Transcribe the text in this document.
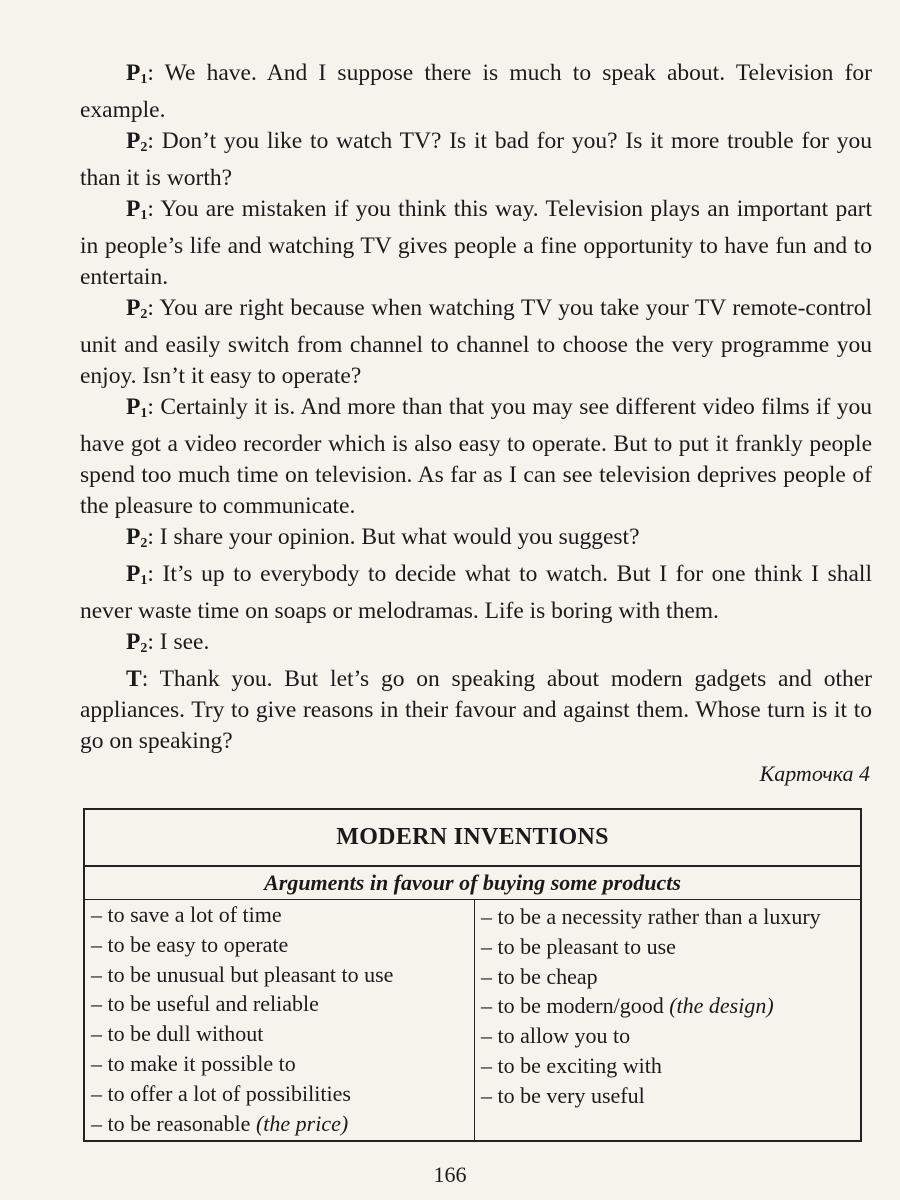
$P_1$: We have. And I suppose there is much to speak about. Television for example.

$P_2$: Don’t you like to watch TV? Is it bad for you? Is it more trouble for you than it is worth?

$P_1$: You are mistaken if you think this way. Television plays an important part in people’s life and watching TV gives people a fine opportunity to have fun and to entertain.

$P_2$: You are right because when watching TV you take your TV remote-control unit and easily switch from channel to channel to choose the very programme you enjoy. Isn’t it easy to operate?

$P_1$: Certainly it is. And more than that you may see different video films if you have got a video recorder which is also easy to operate. But to put it frankly people spend too much time on television. As far as I can see television deprives people of the pleasure to communicate.

$P_2$: I share your opinion. But what would you suggest?

$P_1$: It’s up to everybody to decide what to watch. But I for one think I shall never waste time on soaps or melodramas. Life is boring with them.

$P_2$: I see.

T: Thank you. But let’s go on speaking about modern gadgets and other appliances. Try to give reasons in their favour and against them. Whose turn is it to go on speaking?

Карточка 4
MODERN INVENTIONS
Arguments in favour of buying some products
– to save a lot of time
– to be easy to operate
– to be unusual but pleasant to use
– to be useful and reliable
– to be dull without
– to make it possible to
– to offer a lot of possibilities
– to be reasonable (the price)
– to be a necessity rather than a luxury
– to be pleasant to use
– to be cheap
– to be modern/good (the design)
– to allow you to
– to be exciting with
– to be very useful
166
